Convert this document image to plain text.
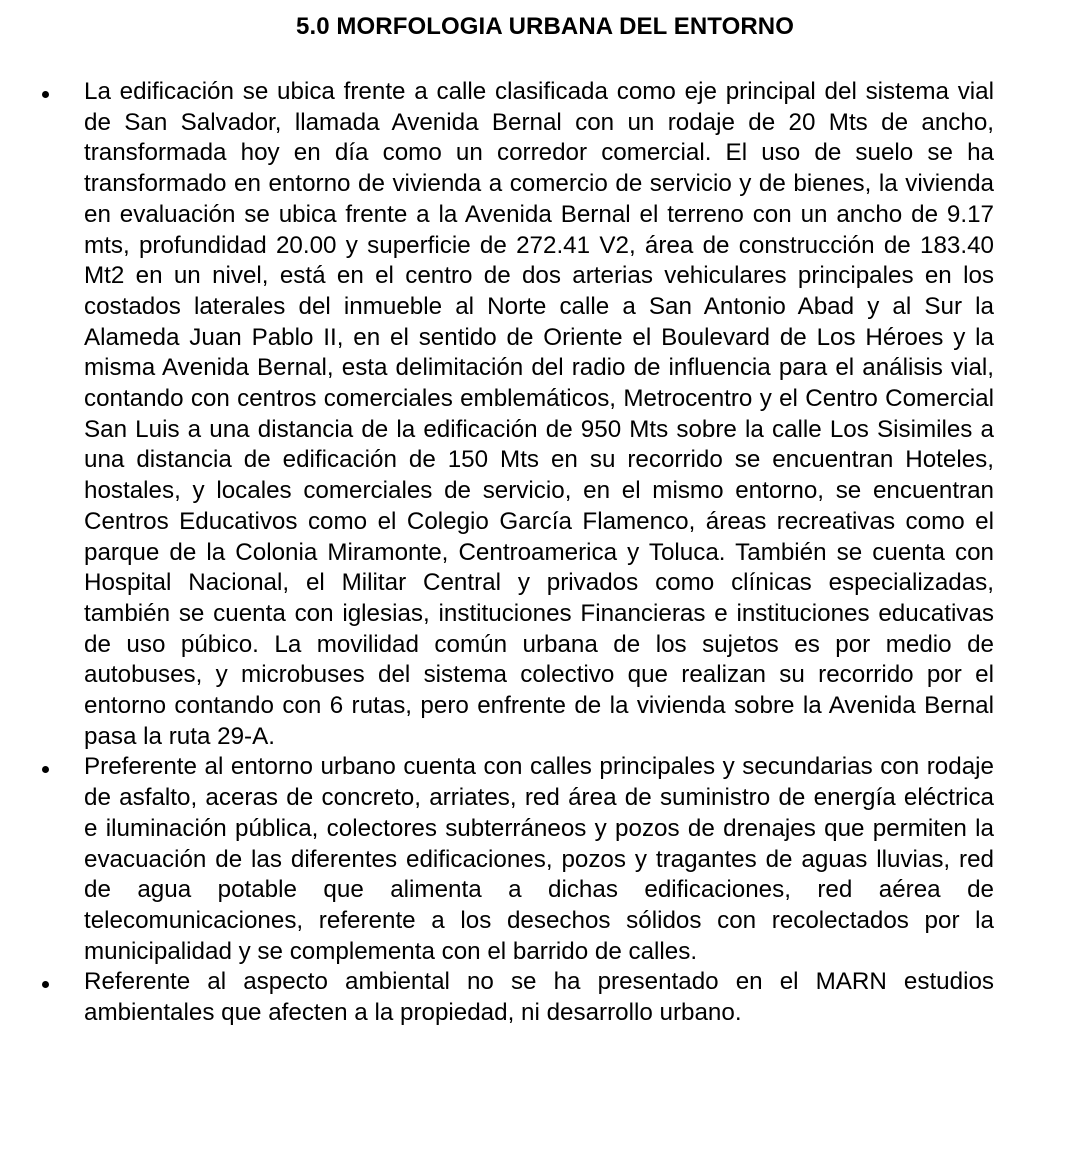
5.0 MORFOLOGIA URBANA DEL ENTORNO
La edificación se ubica frente a calle clasificada como eje principal del sistema vial de San Salvador, llamada Avenida Bernal con un rodaje de 20 Mts de ancho, transformada hoy en día como un corredor comercial. El uso de suelo se ha transformado en entorno de vivienda a comercio de servicio y de bienes, la vivienda en evaluación se ubica frente a la Avenida Bernal el terreno con un ancho de 9.17 mts, profundidad 20.00 y superficie de 272.41 V2, área de construcción de 183.40 Mt2 en un nivel, está en el centro de dos arterias vehiculares principales en los costados laterales del inmueble al Norte calle a San Antonio Abad y al Sur la Alameda Juan Pablo II, en el sentido de Oriente el Boulevard de Los Héroes y la misma Avenida Bernal, esta delimitación del radio de influencia para el análisis vial, contando con centros comerciales emblemáticos, Metrocentro y el Centro Comercial San Luis a una distancia de la edificación de 950 Mts sobre la calle Los Sisimiles a una distancia de edificación de 150 Mts en su recorrido se encuentran Hoteles, hostales, y locales comerciales de servicio, en el mismo entorno, se encuentran Centros Educativos como el Colegio García Flamenco, áreas recreativas como el parque de la Colonia Miramonte, Centroamerica y Toluca. También se cuenta con Hospital Nacional, el Militar Central y privados como clínicas especializadas, también se cuenta con iglesias, instituciones Financieras e instituciones educativas de uso púbico. La movilidad común urbana de los sujetos es por medio de autobuses, y microbuses del sistema colectivo que realizan su recorrido por el entorno contando con 6 rutas, pero enfrente de la vivienda sobre la Avenida Bernal pasa la ruta 29-A.
Preferente al entorno urbano cuenta con calles principales y secundarias con rodaje de asfalto, aceras de concreto, arriates, red área de suministro de energía eléctrica e iluminación pública, colectores subterráneos y pozos de drenajes que permiten la evacuación de las diferentes edificaciones, pozos y tragantes de aguas lluvias, red de agua potable que alimenta a dichas edificaciones, red aérea de telecomunicaciones, referente a los desechos sólidos con recolectados por la municipalidad y se complementa con el barrido de calles.
Referente al aspecto ambiental no se ha presentado en el MARN estudios ambientales que afecten a la propiedad, ni desarrollo urbano.
